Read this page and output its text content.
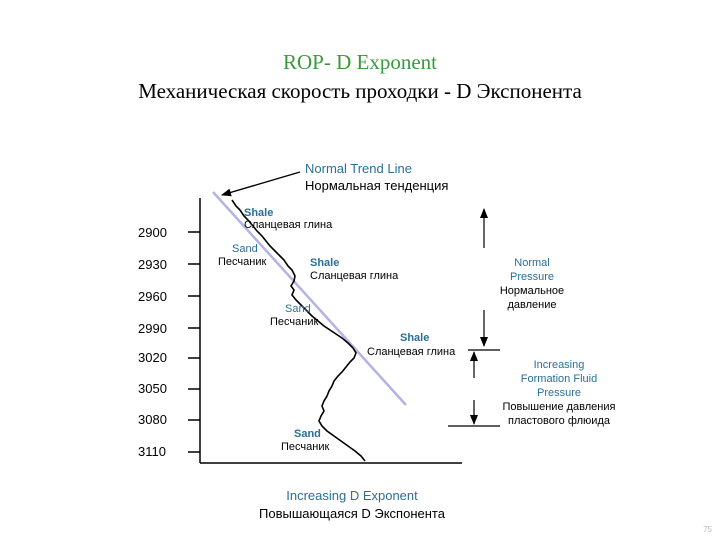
ROP- D Exponent
Механическая скорость проходки - D Экспонента
Normal Trend Line
Нормальная тенденция
2900
2930
2960
2990
3020
3050
3080
3110
Shale
Сланцевая глина
Sand
Песчаник	Shale
Сланцевая глина
Sand
Песчаник
Shale
Сланцевая глина
Sand
Песчаник
Normal
Pressure
Нормальное
давление
Increasing
Formation Fluid
Pressure
Повышение давления
пластового флюида
Increasing D Exponent
Повышающаяся D Экспонента
75
